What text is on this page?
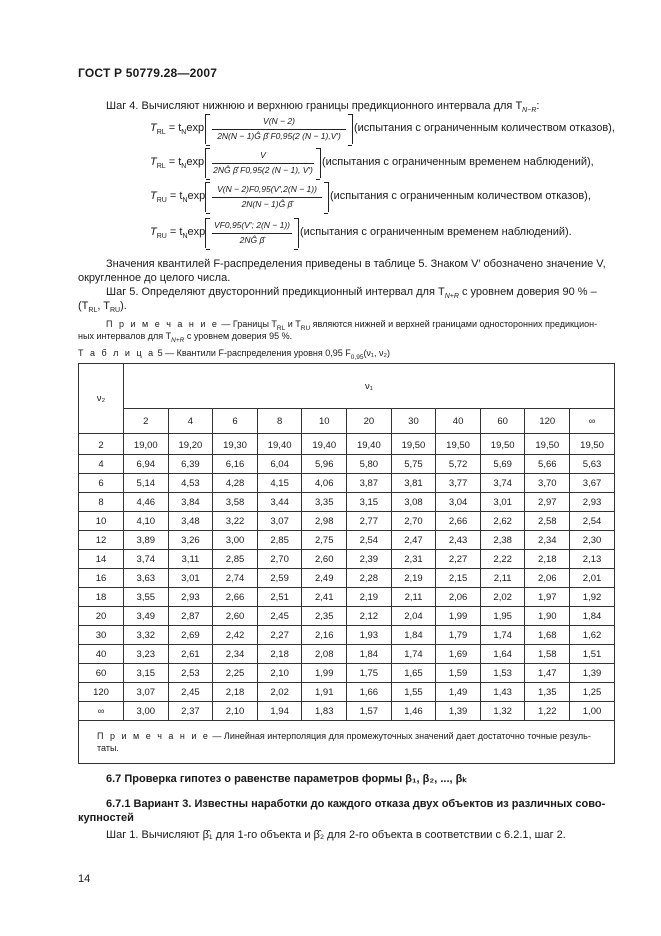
ГОСТ Р 50779.28—2007
Шаг 4. Вычисляют нижнюю и верхнюю границы предикционного интервала для $T_{N-R}$:
$T_{RL} = t_N\exp$
V(N − 2)
2N(N − 1)Ĝ β̂ F0,95(2 (N − 1),V′)
(испытания с ограниченным количеством отказов),
$T_{RL} = t_N\exp$
V
2NĜ β̂ F0,95(2 (N − 1), V′)
(испытания с ограниченным временем наблюдений),
$T_{RU} = t_N\exp$
V(N − 2)F0,95(V′,2(N − 1))
2N(N − 1)Ĝ β̂
(испытания с ограниченным количеством отказов),
$T_{RU} = t_N\exp$
VF0,95(V′; 2(N − 1))
2NĜ β̂
(испытания с ограниченным временем наблюдений).
Значения квантилей F-распределения приведены в таблице 5. Знаком V′ обозначено значение V,
округленное до целого числа.
Шаг 5. Определяют двусторонний предикционный интервал для $T_{N+R}$ с уровнем доверия 90 % –
($T_{RL}$, $T_{RU}$).
П р и м е ч а н и е — Границы $T_{RL}$ и $T_{RU}$ являются нижней и верхней границами односторонних предикцион-
ных интервалов для $T_{N+R}$ с уровнем доверия 95 %.
Т а б л и ц а 5 — Квантили F-распределения уровня 0,95 $F_{0,95}(\nu_1$, ν₂)
ν₂	ν₁										
	2	4	6	8	10	20	30	40	60	120	∞
2	19,00	19,20	19,30	19,40	19,40	19,40	19,50	19,50	19,50	19,50	19,50
4	6,94	6,39	6,16	6,04	5,96	5,80	5,75	5,72	5,69	5,66	5,63
6	5,14	4,53	4,28	4,15	4,06	3,87	3,81	3,77	3,74	3,70	3,67
8	4,46	3,84	3,58	3,44	3,35	3,15	3,08	3,04	3,01	2,97	2,93
10	4,10	3,48	3,22	3,07	2,98	2,77	2,70	2,66	2,62	2,58	2,54
12	3,89	3,26	3,00	2,85	2,75	2,54	2,47	2,43	2,38	2,34	2,30
14	3,74	3,11	2,85	2,70	2,60	2,39	2,31	2,27	2,22	2,18	2,13
16	3,63	3,01	2,74	2,59	2,49	2,28	2,19	2,15	2,11	2,06	2,01
18	3,55	2,93	2,66	2,51	2,41	2,19	2,11	2,06	2,02	1,97	1,92
20	3,49	2,87	2,60	2,45	2,35	2,12	2,04	1,99	1,95	1,90	1,84
30	3,32	2,69	2,42	2,27	2,16	1,93	1,84	1,79	1,74	1,68	1,62
40	3,23	2,61	2,34	2,18	2,08	1,84	1,74	1,69	1,64	1,58	1,51
60	3,15	2,53	2,25	2,10	1,99	1,75	1,65	1,59	1,53	1,47	1,39
120	3,07	2,45	2,18	2,02	1,91	1,66	1,55	1,49	1,43	1,35	1,25
∞	3,00	2,37	2,10	1,94	1,83	1,57	1,46	1,39	1,32	1,22	1,00
П р и м е ч а н и е — Линейная интерполяция для промежуточных значений дает достаточно точные резуль-
таты.											
6.7 Проверка гипотез о равенстве параметров формы β₁, β₂, ..., βₖ
6.7.1 Вариант 3. Известны наработки до каждого отказа двух объектов из различных сово-
купностей
Шаг 1. Вычисляют β̂₁ для 1-го объекта и β̂₂ для 2-го объекта в соответствии с 6.2.1, шаг 2.
14
